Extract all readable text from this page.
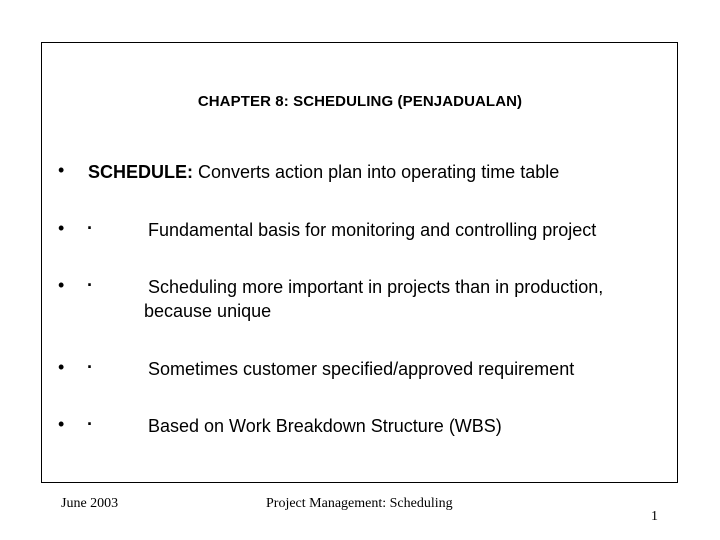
CHAPTER 8: SCHEDULING (PENJADUALAN)
• SCHEDULE: Converts action plan into operating time table
• ·	Fundamental basis for monitoring and controlling project
• ·	Scheduling more important in projects than in production,
because unique
• ·	Sometimes customer specified/approved requirement
• ·	Based on Work Breakdown Structure (WBS)
June 2003	Project Management: Scheduling
1
